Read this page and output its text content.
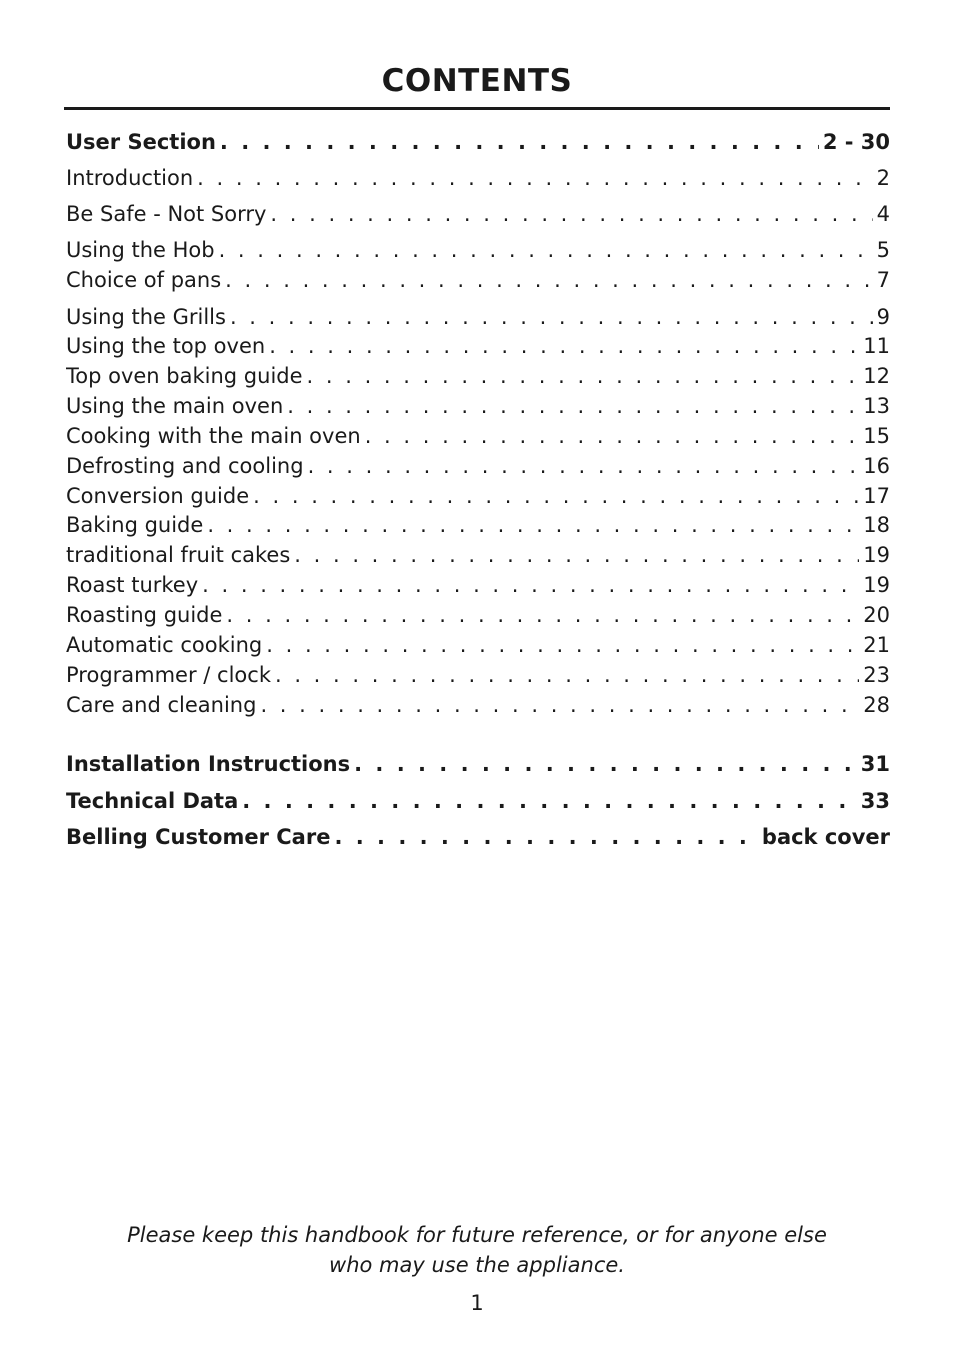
CONTENTS
User Section . . .	2 - 30
Introduction . . .	2
Be Safe - Not Sorry . . .	4
Using the Hob . . .	5
Choice of pans . . .	7
Using the Grills . . .	9
Using the top oven . . .	11
Top oven baking guide . . .	12
Using the main oven . . .	13
Cooking with the main oven . . .	15
Defrosting and cooling . . .	16
Conversion guide . . .	17
Baking guide . . .	18
traditional fruit cakes . . .	19
Roast turkey . . .	19
Roasting guide . . .	20
Automatic cooking . . .	21
Programmer / clock . . .	23
Care and cleaning . . .	28
Installation Instructions . . .	31
Technical Data . . .	33
Belling Customer Care . . .	back cover
Please keep this handbook for future reference, or for anyone else
who may use the appliance.
1
